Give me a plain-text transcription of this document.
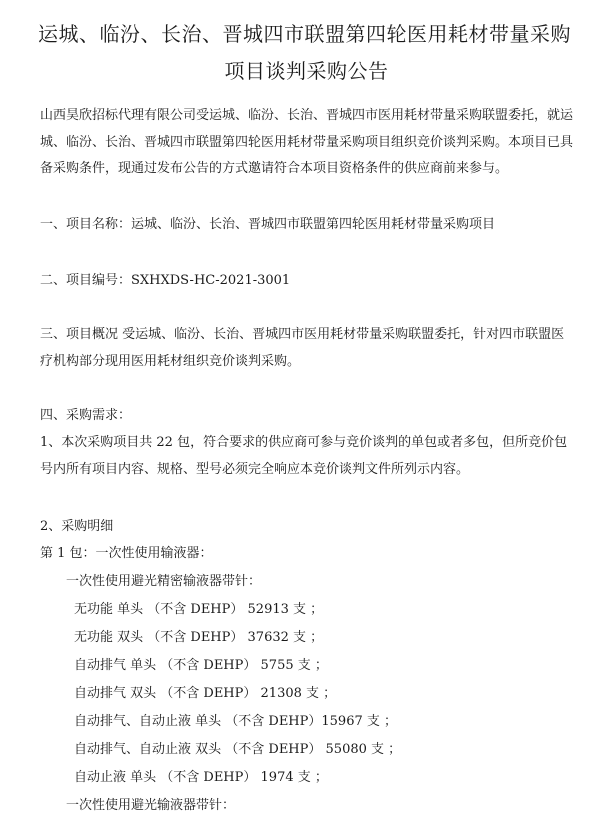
运城、临汾、长治、晋城四市联盟第四轮医用耗材带量采购
项目谈判采购公告
山西昊欣招标代理有限公司受运城、临汾、长治、晋城四市医用耗材带量采购联盟委托，就运城、临汾、长治、晋城四市联盟第四轮医用耗材带量采购项目组织竞价谈判采购。本项目已具备采购条件，现通过发布公告的方式邀请符合本项目资格条件的供应商前来参与。
一、项目名称：运城、临汾、长治、晋城四市联盟第四轮医用耗材带量采购项目
二、项目编号：SXHXDS-HC-2021-3001
三、项目概况 受运城、临汾、长治、晋城四市医用耗材带量采购联盟委托，针对四市联盟医疗机构部分现用医用耗材组织竞价谈判采购。
四、采购需求：
1、本次采购项目共 22 包，符合要求的供应商可参与竞价谈判的单包或者多包，但所竞价包号内所有项目内容、规格、型号必须完全响应本竞价谈判文件所列示内容。
2、采购明细
第 1 包：一次性使用输液器：
一次性使用避光精密输液器带针：
无功能 单头 （不含 DEHP） 52913 支 ；
无功能 双头 （不含 DEHP） 37632 支 ；
自动排气 单头 （不含 DEHP） 5755 支 ；
自动排气 双头 （不含 DEHP） 21308 支 ；
自动排气、自动止液 单头 （不含 DEHP）15967 支 ；
自动排气、自动止液 双头 （不含 DEHP） 55080 支 ；
自动止液 单头 （不含 DEHP） 1974 支 ；
一次性使用避光输液器带针：
